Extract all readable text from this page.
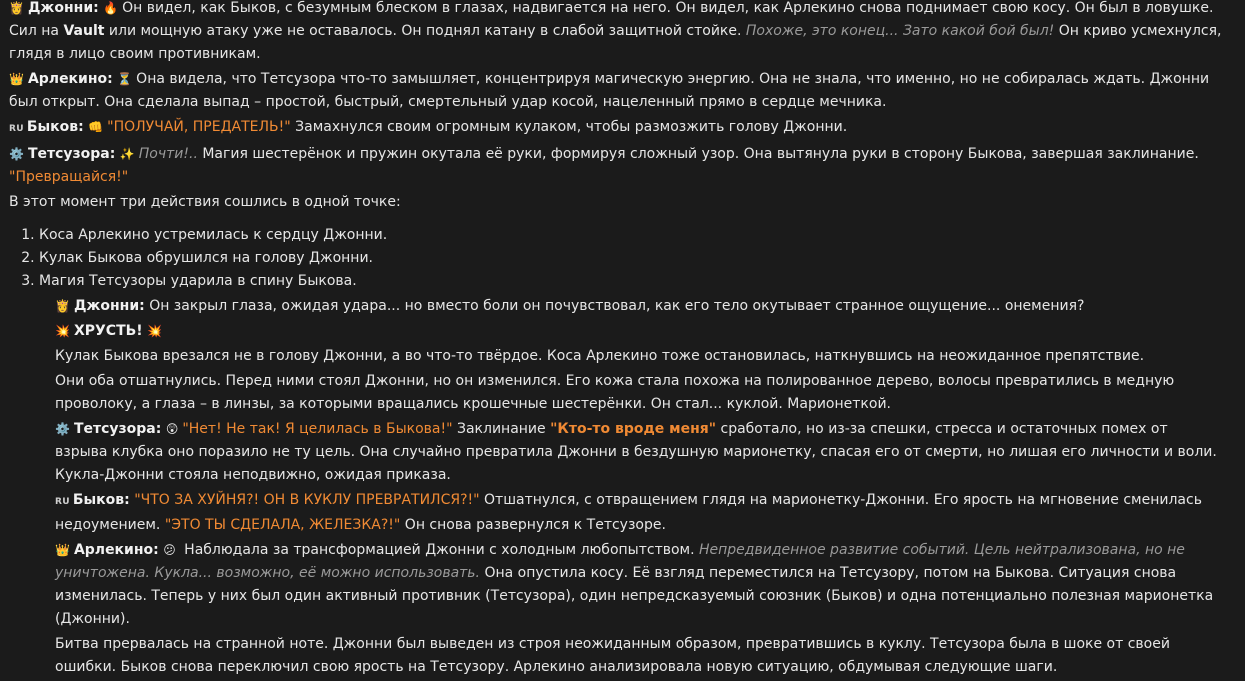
👸 Джонни: 🔥 Он видел, как Быков, с безумным блеском в глазах, надвигается на него. Он видел, как Арлекино снова поднимает свою косу. Он был в ловушке. Сил на Vault или мощную атаку уже не оставалось. Он поднял катану в слабой защитной стойке. Похоже, это конец... Зато какой бой был! Он криво усмехнулся, глядя в лицо своим противникам.

👑 Арлекино: ⏳ Она видела, что Тетсузора что-то замышляет, концентрируя магическую энергию. Она не знала, что именно, но не собиралась ждать. Джонни был открыт. Она сделала выпад – простой, быстрый, смертельный удар косой, нацеленный прямо в сердце мечника.

RU Быков: 👊 "ПОЛУЧАЙ, ПРЕДАТЕЛЬ!" Замахнулся своим огромным кулаком, чтобы размозжить голову Джонни.

⚙️ Тетсузора: ✨ Почти!.. Магия шестерёнок и пружин окутала её руки, формируя сложный узор. Она вытянула руки в сторону Быкова, завершая заклинание. "Превращайся!"

В этот момент три действия сошлись в одной точке:

1. Коса Арлекино устремилась к сердцу Джонни.
2. Кулак Быкова обрушился на голову Джонни.
3. Магия Тетсузоры ударила в спину Быкова.

👸 Джонни: Он закрыл глаза, ожидая удара... но вместо боли он почувствовал, как его тело окутывает странное ощущение... онемения?

💥 ХРУСТЬ! 💥

Кулак Быкова врезался не в голову Джонни, а во что-то твёрдое. Коса Арлекино тоже остановилась, наткнувшись на неожиданное препятствие.

Они оба отшатнулись. Перед ними стоял Джонни, но он изменился. Его кожа стала похожа на полированное дерево, волосы превратились в медную проволоку, а глаза – в линзы, за которыми вращались крошечные шестерёнки. Он стал... куклой. Марионеткой.

⚙️ Тетсузора: 😲 "Нет! Не так! Я целилась в Быкова!" Заклинание "Кто-то вроде меня" сработало, но из-за спешки, стресса и остаточных помех от взрыва клубка оно поразило не ту цель. Она случайно превратила Джонни в бездушную марионетку, спасая его от смерти, но лишая его личности и воли. Кукла-Джонни стояла неподвижно, ожидая приказа.

RU Быков: "ЧТО ЗА ХУЙНЯ?! ОН В КУКЛУ ПРЕВРАТИЛСЯ?!" Отшатнулся, с отвращением глядя на марионетку-Джонни. Его ярость на мгновение сменилась недоумением. "ЭТО ТЫ СДЕЛАЛА, ЖЕЛЕЗКА?!" Он снова развернулся к Тетсузоре.

👑 Арлекино: 😕 Наблюдала за трансформацией Джонни с холодным любопытством. Непредвиденное развитие событий. Цель нейтрализована, но не уничтожена. Кукла... возможно, её можно использовать. Она опустила косу. Её взгляд переместился на Тетсузору, потом на Быкова. Ситуация снова изменилась. Теперь у них был один активный противник (Тетсузора), один непредсказуемый союзник (Быков) и одна потенциально полезная марионетка (Джонни).

Битва прервалась на странной ноте. Джонни был выведен из строя неожиданным образом, превратившись в куклу. Тетсузора была в шоке от своей ошибки. Быков снова переключил свою ярость на Тетсузору. Арлекино анализировала новую ситуацию, обдумывая следующие шаги.
